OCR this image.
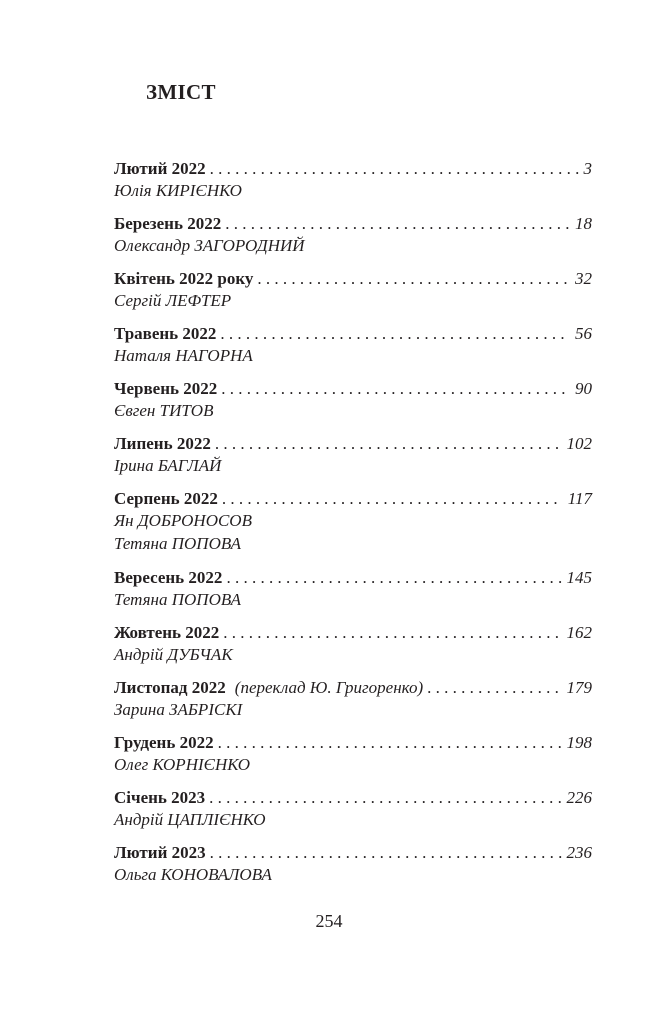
ЗМІСТ
Лютий 2022 . . .	3
Юлія КИРІЄНКО
Березень 2022 . . .	18
Олександр ЗАГОРОДНИЙ
Квітень 2022 року . . .	32
Сергій ЛЕФТЕР
Травень 2022 . . .	56
Наталя НАГОРНА
Червень 2022 . . .	90
Євген ТИТОВ
Липень 2022 . . .	102
Ірина БАГЛАЙ
Серпень 2022 . . .	117
Ян ДОБРОНОСОВ
Тетяна ПОПОВА
Вересень 2022 . . .	145
Тетяна ПОПОВА
Жовтень 2022 . . .	162
Андрій ДУБЧАК
Листопад 2022 (переклад Ю. Григоренко) . . .	179
Зарина ЗАБРІСКІ
Грудень 2022 . . .	198
Олег КОРНІЄНКО
Січень 2023 . . .	226
Андрій ЦАПЛІЄНКО
Лютий 2023 . . .	236
Ольга КОНОВАЛОВА
254
